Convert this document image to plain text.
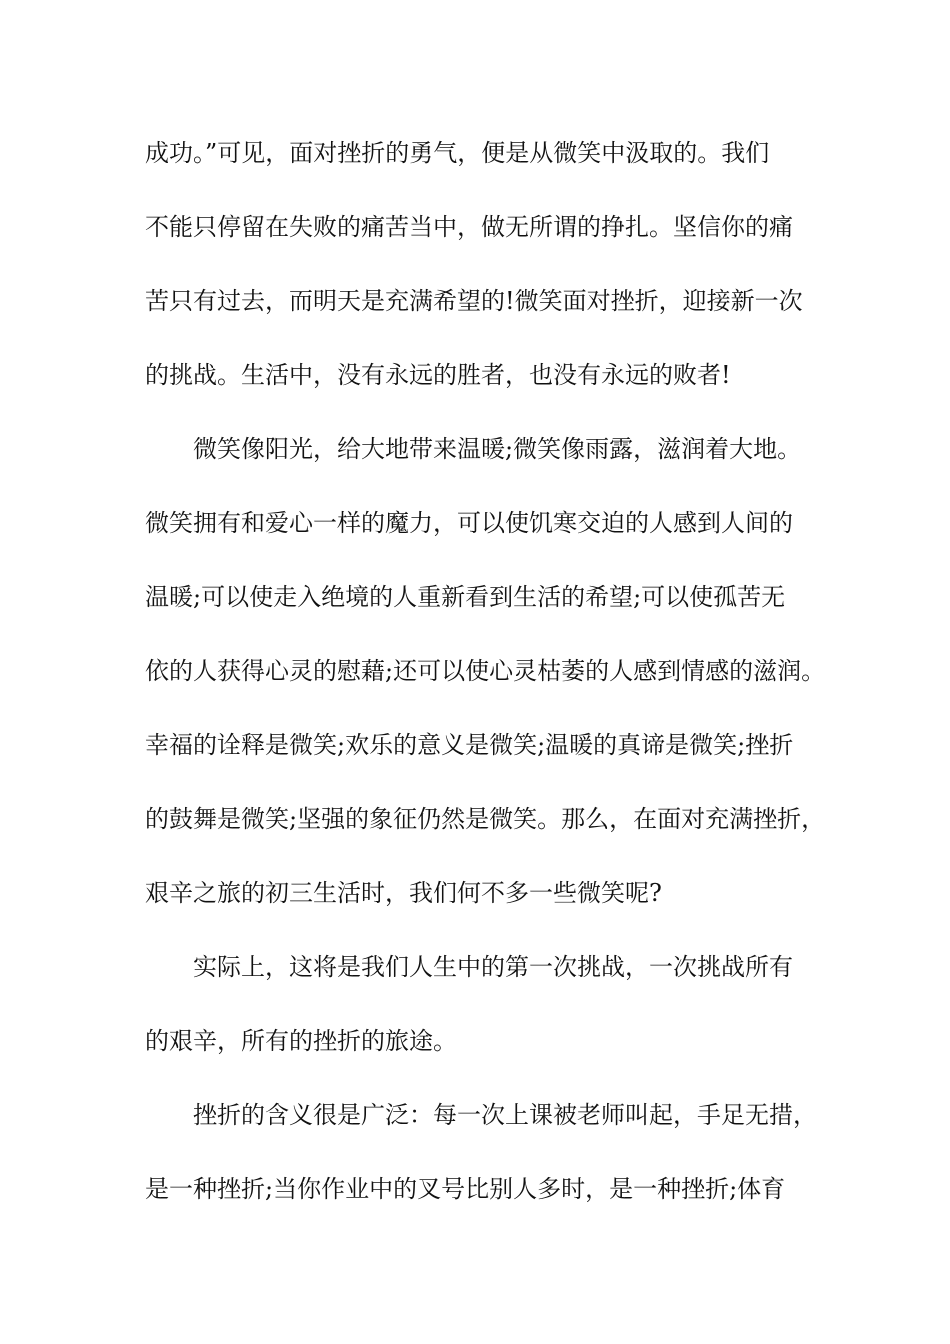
成功。”可见，面对挫折的勇气，便是从微笑中汲取的。我们
不能只停留在失败的痛苦当中，做无所谓的挣扎。坚信你的痛
苦只有过去，而明天是充满希望的!微笑面对挫折，迎接新一次
的挑战。生活中，没有永远的胜者，也没有永远的败者!
微笑像阳光，给大地带来温暖;微笑像雨露，滋润着大地。
微笑拥有和爱心一样的魔力，可以使饥寒交迫的人感到人间的
温暖;可以使走入绝境的人重新看到生活的希望;可以使孤苦无
依的人获得心灵的慰藉;还可以使心灵枯萎的人感到情感的滋润。
幸福的诠释是微笑;欢乐的意义是微笑;温暖的真谛是微笑;挫折
的鼓舞是微笑;坚强的象征仍然是微笑。那么，在面对充满挫折，
艰辛之旅的初三生活时，我们何不多一些微笑呢?
实际上，这将是我们人生中的第一次挑战，一次挑战所有
的艰辛，所有的挫折的旅途。
挫折的含义很是广泛：每一次上课被老师叫起，手足无措，
是一种挫折;当你作业中的叉号比别人多时，是一种挫折;体育
